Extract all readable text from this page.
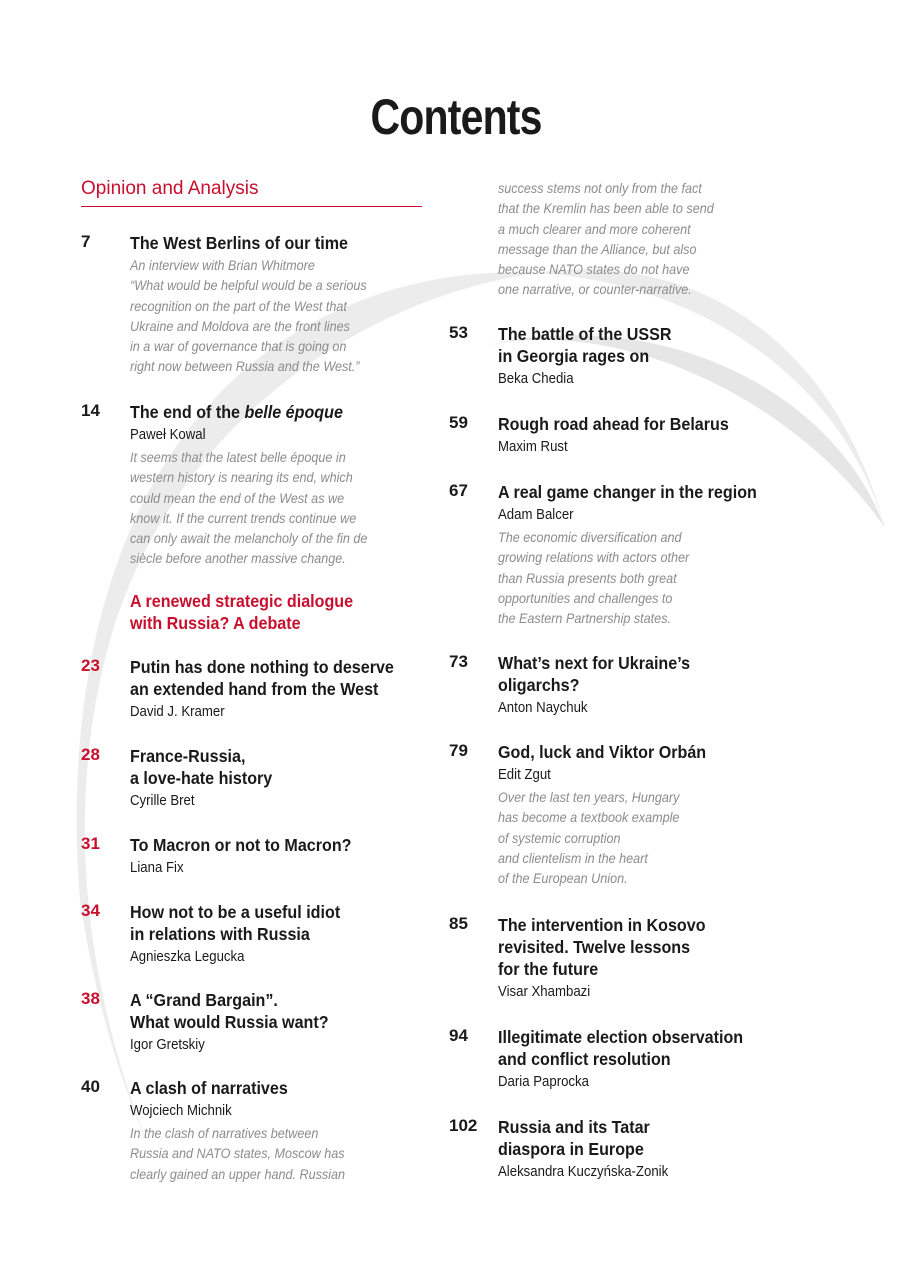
Contents
Opinion and Analysis
7 The West Berlins of our time
An interview with Brian Whitmore
“What would be helpful would be a serious
recognition on the part of the West that
Ukraine and Moldova are the front lines
in a war of governance that is going on
right now between Russia and the West.”
14 The end of the belle époque
Paweł Kowal
It seems that the latest belle époque in
western history is nearing its end, which
could mean the end of the West as we
know it. If the current trends continue we
can only await the melancholy of the fin de
siècle before another massive change.
A renewed strategic dialogue
with Russia? A debate
23 Putin has done nothing to deserve
an extended hand from the West
David J. Kramer
28 France-Russia,
a love-hate history
Cyrille Bret
31 To Macron or not to Macron?
Liana Fix
34 How not to be a useful idiot
in relations with Russia
Agnieszka Legucka
38 A “Grand Bargain”.
What would Russia want?
Igor Gretskiy
40 A clash of narratives
Wojciech Michnik
In the clash of narratives between
Russia and NATO states, Moscow has
clearly gained an upper hand. Russian
success stems not only from the fact
that the Kremlin has been able to send
a much clearer and more coherent
message than the Alliance, but also
because NATO states do not have
one narrative, or counter-narrative.
53 The battle of the USSR
in Georgia rages on
Beka Chedia
59 Rough road ahead for Belarus
Maxim Rust
67 A real game changer in the region
Adam Balcer
The economic diversification and
growing relations with actors other
than Russia presents both great
opportunities and challenges to
the Eastern Partnership states.
73 What’s next for Ukraine’s
oligarchs?
Anton Naychuk
79 God, luck and Viktor Orbán
Edit Zgut
Over the last ten years, Hungary
has become a textbook example
of systemic corruption
and clientelism in the heart
of the European Union.
85 The intervention in Kosovo
revisited. Twelve lessons
for the future
Visar Xhambazi
94 Illegitimate election observation
and conflict resolution
Daria Paprocka
102 Russia and its Tatar
diaspora in Europe
Aleksandra Kuczyńska-Zonik
